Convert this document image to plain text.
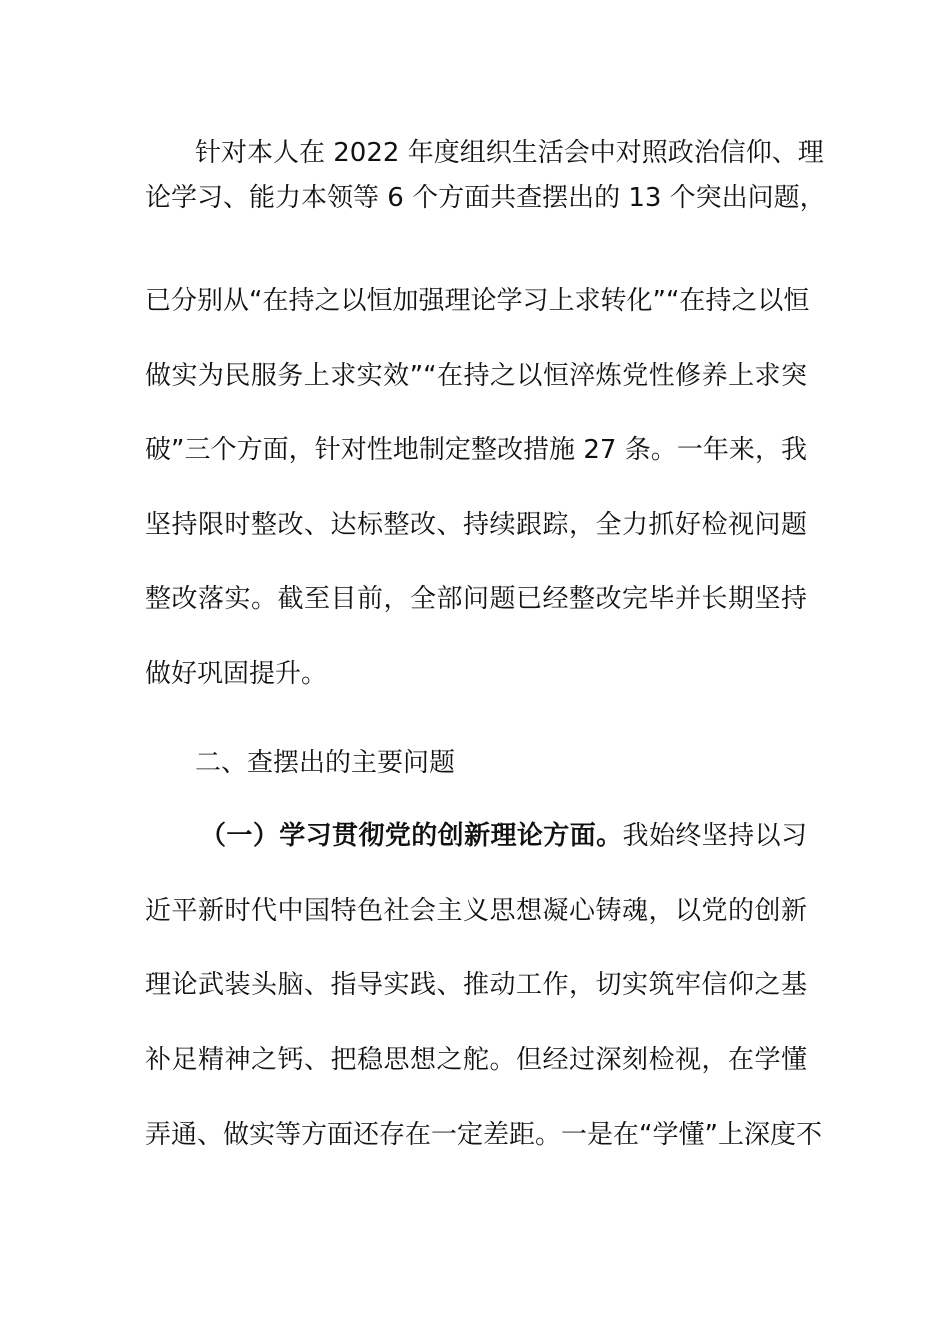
针对本人在 2022 年度组织生活会中对照政治信仰、理
论学习、能力本领等 6 个方面共查摆出的 13 个突出问题，
已分别从“在持之以恒加强理论学习上求转化”“在持之以恒
做实为民服务上求实效”“在持之以恒淬炼党性修养上求突
破”三个方面，针对性地制定整改措施 27 条。一年来，我
坚持限时整改、达标整改、持续跟踪，全力抓好检视问题
整改落实。截至目前，全部问题已经整改完毕并长期坚持
做好巩固提升。
二、查摆出的主要问题
（一）学习贯彻党的创新理论方面。我始终坚持以习
近平新时代中国特色社会主义思想凝心铸魂，以党的创新
理论武装头脑、指导实践、推动工作，切实筑牢信仰之基
补足精神之钙、把稳思想之舵。但经过深刻检视，在学懂
弄通、做实等方面还存在一定差距。一是在“学懂”上深度不
